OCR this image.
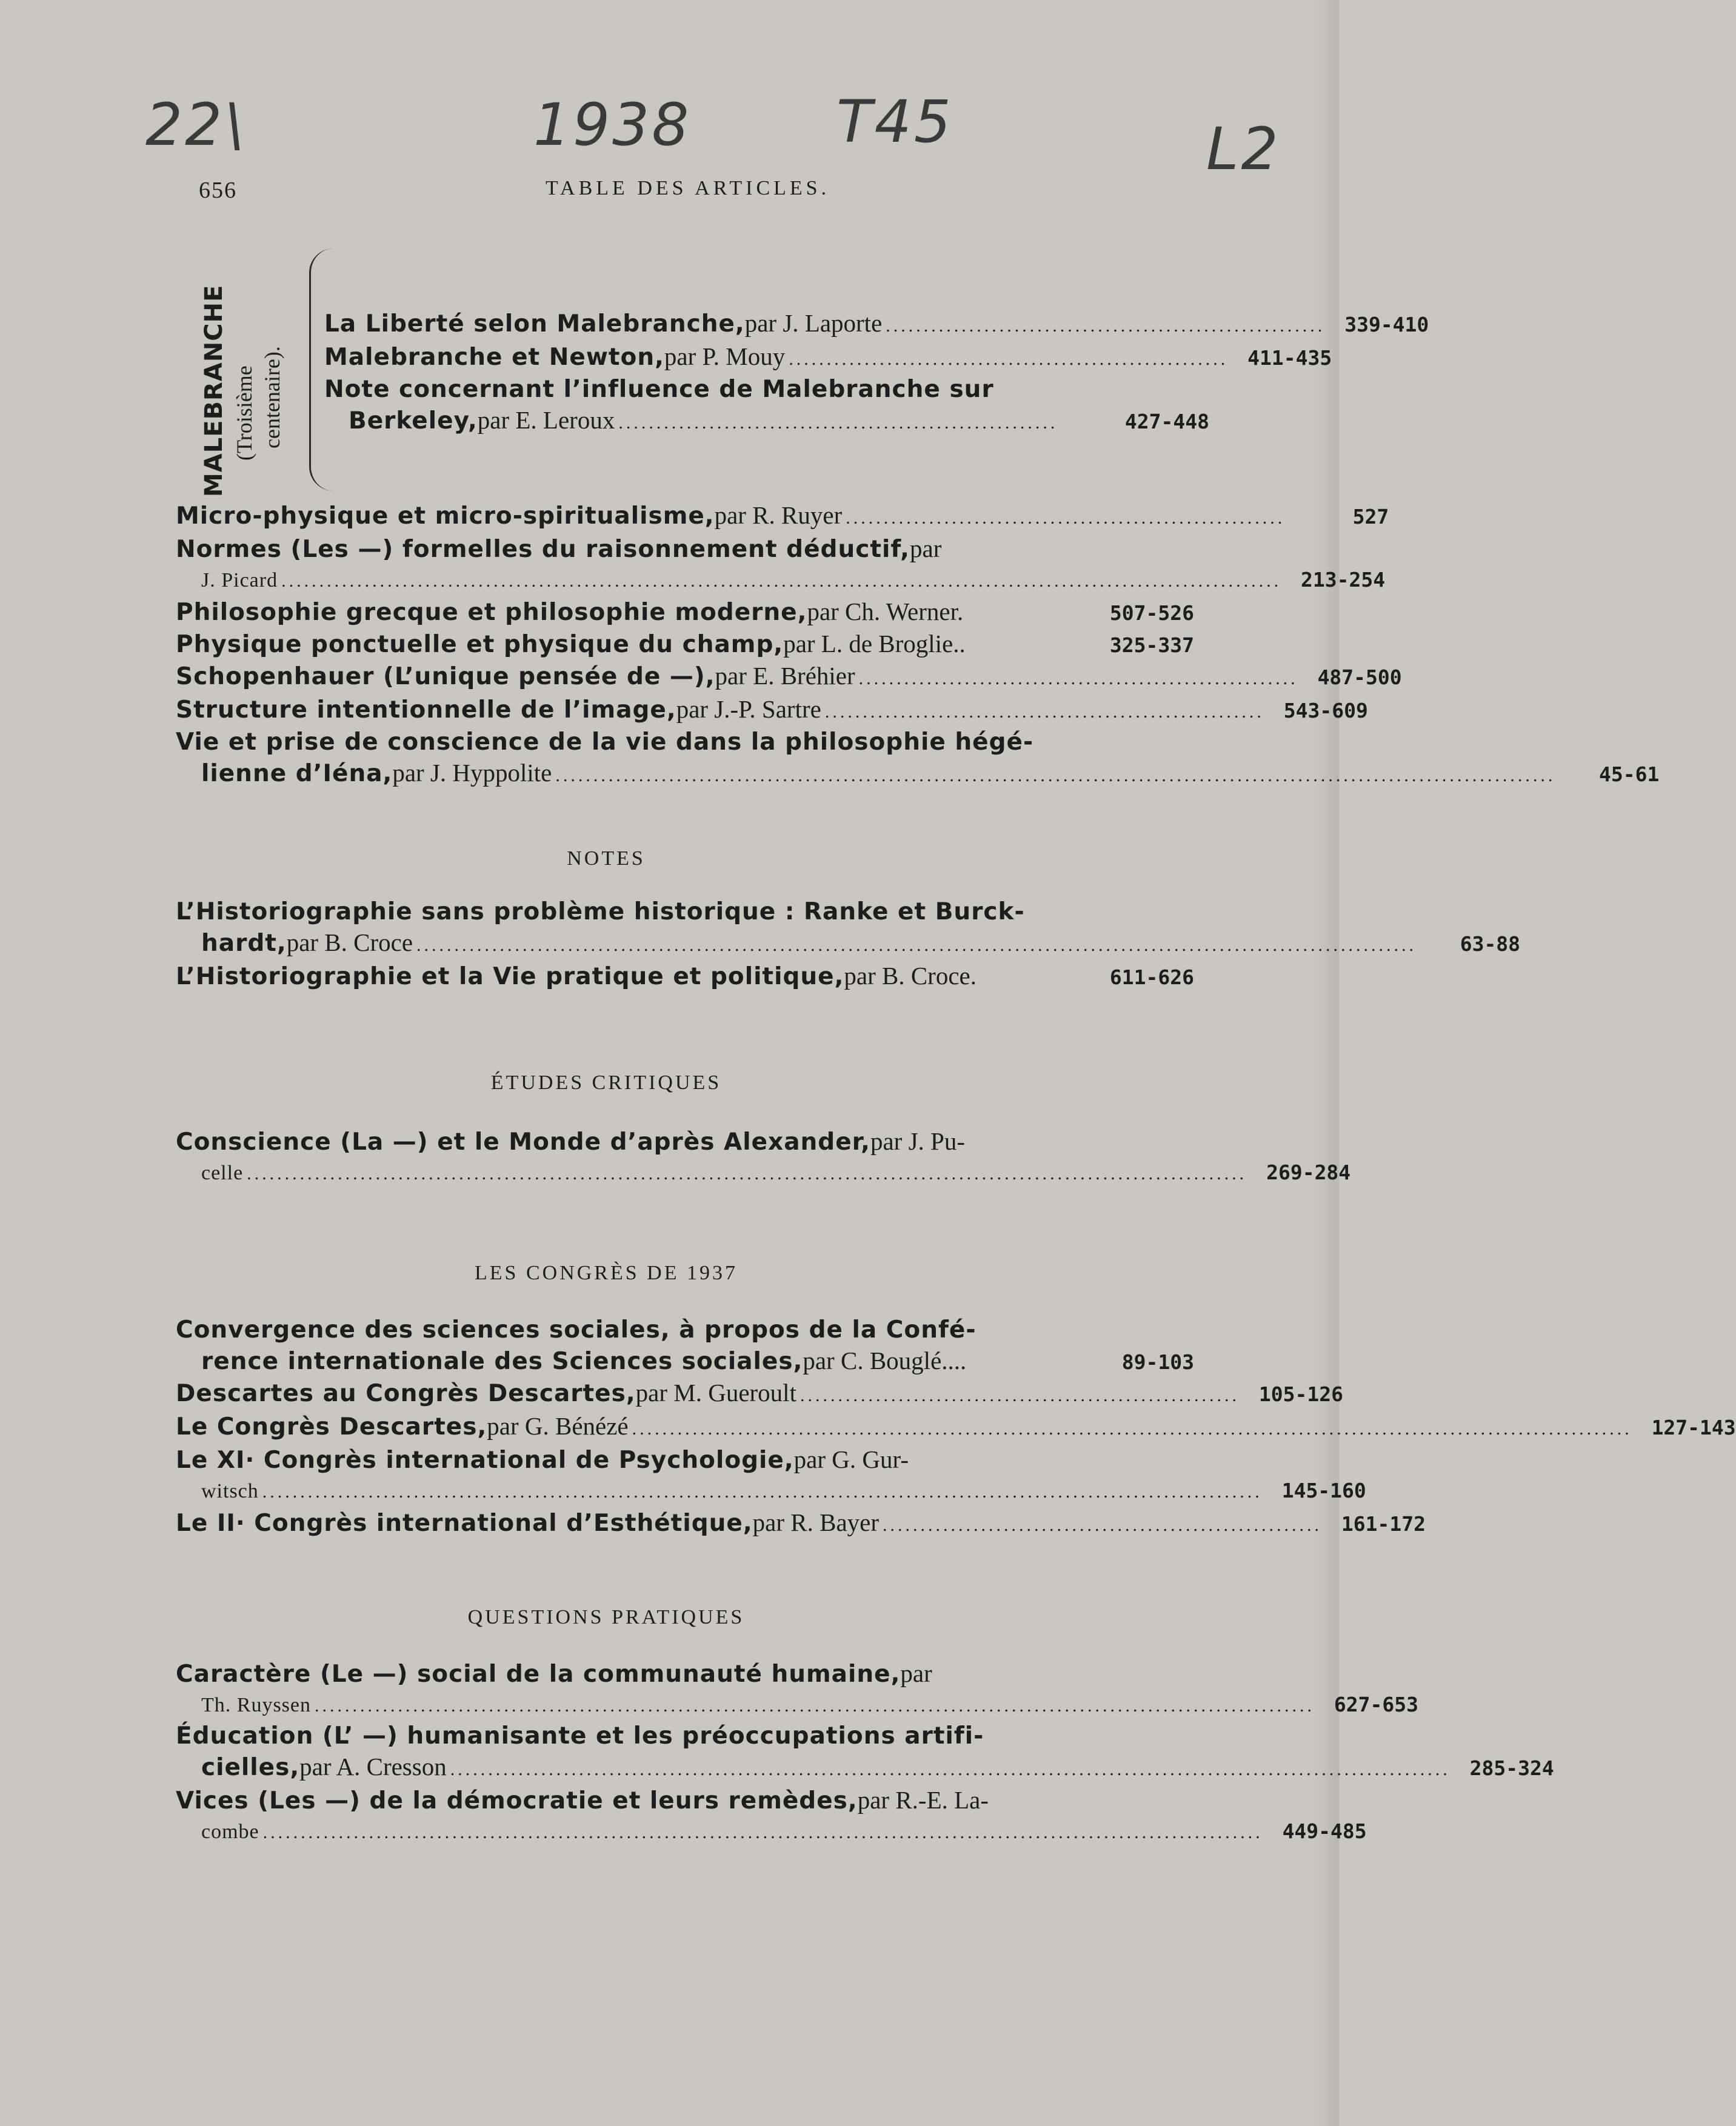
22\	1938 T45	L2
656	TABLE DES ARTICLES.
MALEBRANCHE (Troisième centenaire).
La Liberté selon Malebranche, par J. Laporte .......................................................... 339-410
Malebranche et Newton, par P. Mouy .......................................................... 411-435
Note concernant l’influence de Malebranche sur
Berkeley, par E. Leroux ..........................................................	427-448
Micro-physique et micro-spiritualisme, par R. Ruyer ..........................................................	527
Normes (Les —) formelles du raisonnement déductif, par
J. Picard .................................................................................................................................... 213-254
Philosophie grecque et philosophie moderne, par Ch. Werner.	507-526
Physique ponctuelle et physique du champ, par L. de Broglie..	325-337
Schopenhauer (L’unique pensée de —), par E. Bréhier .......................................................... 487-500
Structure intentionnelle de l’image, par J.-P. Sartre .......................................................... 543-609
Vie et prise de conscience de la vie dans la philosophie hégé-
lienne d’Iéna, par J. Hyppolite ....................................................................................................................................	45-61
NOTES
L’Historiographie sans problème historique : Ranke et Burck-
hardt, par B. Croce ....................................................................................................................................	63-88
L’Historiographie et la Vie pratique et politique, par B. Croce.	611-626
ÉTUDES CRITIQUES
Conscience (La —) et le Monde d’après Alexander, par J. Pu-
celle .................................................................................................................................... 269-284
LES CONGRÈS DE 1937
Convergence des sciences sociales, à propos de la Confé-
rence internationale des Sciences sociales, par C. Bouglé....	89-103
Descartes au Congrès Descartes, par M. Gueroult .......................................................... 105-126
Le Congrès Descartes, par G. Bénézé .................................................................................................................................... 127-143
Le XI· Congrès international de Psychologie, par G. Gur-
witsch .................................................................................................................................... 145-160
Le II· Congrès international d’Esthétique, par R. Bayer .......................................................... 161-172
QUESTIONS PRATIQUES
Caractère (Le —) social de la communauté humaine, par
Th. Ruyssen .................................................................................................................................... 627-653
Éducation (L’ —) humanisante et les préoccupations artifi-
cielles, par A. Cresson .................................................................................................................................... 285-324
Vices (Les —) de la démocratie et leurs remèdes, par R.-E. La-
combe .................................................................................................................................... 449-485
